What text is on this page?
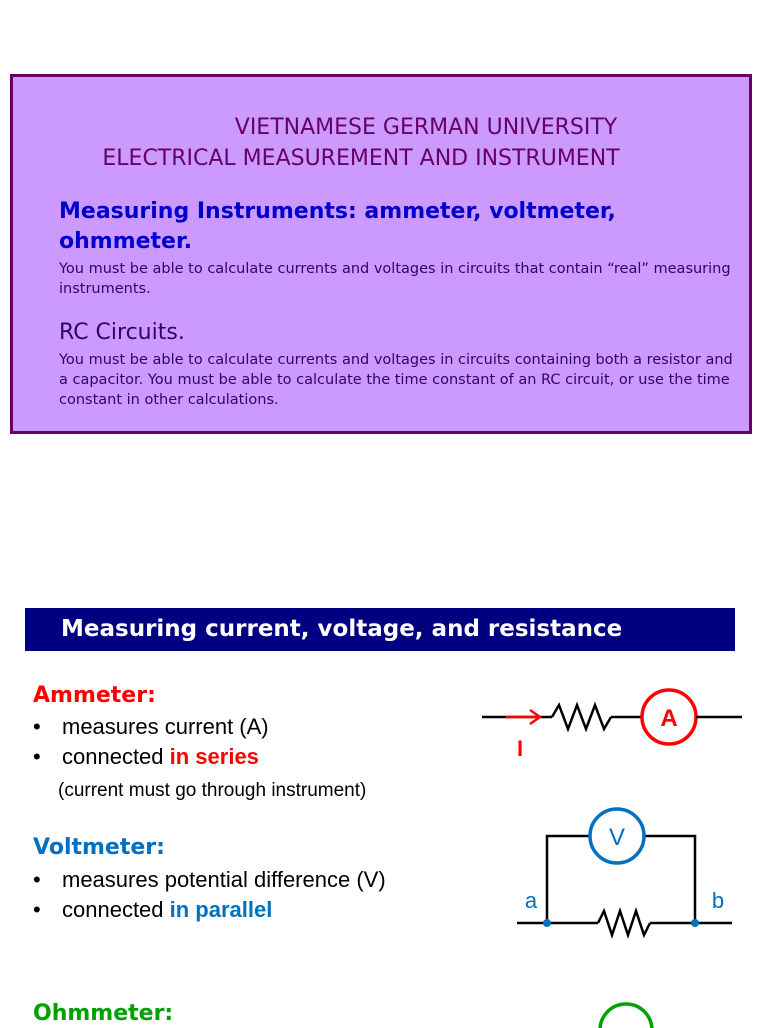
VIETNAMESE GERMAN UNIVERSITY
ELECTRICAL MEASUREMENT AND INSTRUMENT
Measuring Instruments: ammeter, voltmeter, ohmmeter.
You must be able to calculate currents and voltages in circuits that contain “real” measuring instruments.
RC Circuits.
You must be able to calculate currents and voltages in circuits containing both a resistor and a capacitor. You must be able to calculate the time constant of an RC circuit, or use the time constant in other calculations.
Measuring current, voltage, and resistance
Ammeter:
• measures current (A)
• connected in series
(current must go through instrument)
A
I
Voltmeter:
• measures potential difference (V)
• connected in parallel
V
a	b
Ohmmeter:
